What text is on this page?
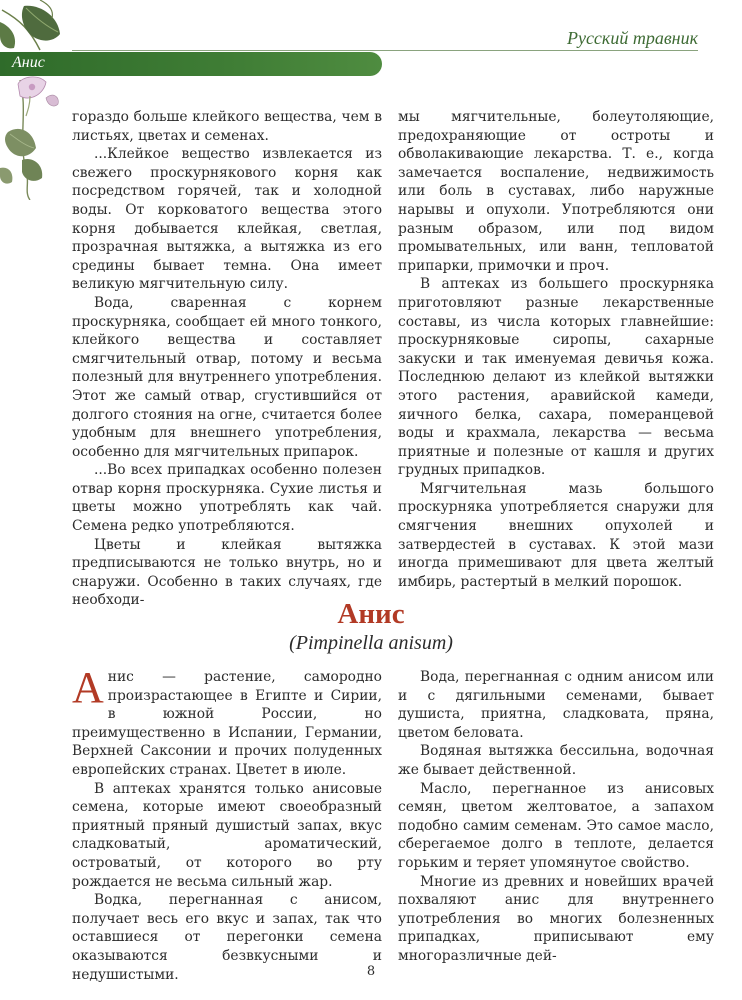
Русский травник
Анис

гораздо больше клейкого вещества, чем в листьях, цветах и семенах.

...Клейкое вещество извлекается из свежего проскурнякового корня как посредством горячей, так и холодной воды. От корковатого вещества этого корня добывается клейкая, светлая, прозрачная вытяжка, а вытяжка из его средины бывает темна. Она имеет великую мягчительную силу.

Вода, сваренная с корнем проскурняка, сообщает ей много тонкого, клейкого вещества и составляет смягчительный отвар, потому и весьма полезный для внутреннего употребления. Этот же самый отвар, сгустившийся от долгого стояния на огне, считается более удобным для внешнего употребления, особенно для мягчительных припарок.

...Во всех припадках особенно полезен отвар корня проскурняка. Сухие листья и цветы можно употреблять как чай. Семена редко употребляются.

Цветы и клейкая вытяжка предписываются не только внутрь, но и снаружи. Особенно в таких случаях, где необходи-

мы мягчительные, болеутоляющие, предохраняющие от остроты и обволакивающие лекарства. Т. е., когда замечается воспаление, недвижимость или боль в суставах, либо наружные нарывы и опухоли. Употребляются они разным образом, или под видом промывательных, или ванн, тепловатой припарки, примочки и проч.

В аптеках из большего проскурняка приготовляют разные лекарственные составы, из числа которых главнейшие: проскурняковые сиропы, сахарные закуски и так именуемая девичья кожа. Последнюю делают из клейкой вытяжки этого растения, аравийской камеди, яичного белка, сахара, померанцевой воды и крахмала, лекарства — весьма приятные и полезные от кашля и других грудных припадков.

Мягчительная мазь большого проскурняка употребляется снаружи для смягчения внешних опухолей и затвердестей в суставах. К этой мази иногда примешивают для цвета желтый имбирь, растертый в мелкий порошок.

Анис
(Pimpinella anisum)

Анис — растение, самородно произрастающее в Египте и Сирии, в южной России, но преимущественно в Испании, Германии, Верхней Саксонии и прочих полуденных европейских странах. Цветет в июле.

В аптеках хранятся только анисовые семена, которые имеют своеобразный приятный пряный душистый запах, вкус сладковатый, ароматический, островатый, от которого во рту рождается не весьма сильный жар.

Водка, перегнанная с анисом, получает весь его вкус и запах, так что оставшиеся от перегонки семена оказываются безвкусными и недушистыми.

Вода, перегнанная с одним анисом или и с дягильными семенами, бывает душиста, приятна, сладковата, пряна, цветом беловата.

Водяная вытяжка бессильна, водочная же бывает действенной.

Масло, перегнанное из анисовых семян, цветом желтоватое, а запахом подобно самим семенам. Это самое масло, сберегаемое долго в теплоте, делается горьким и теряет упомянутое свойство.

Многие из древних и новейших врачей похваляют анис для внутреннего употребления во многих болезненных припадках, приписывают ему многоразличные дей-

8
